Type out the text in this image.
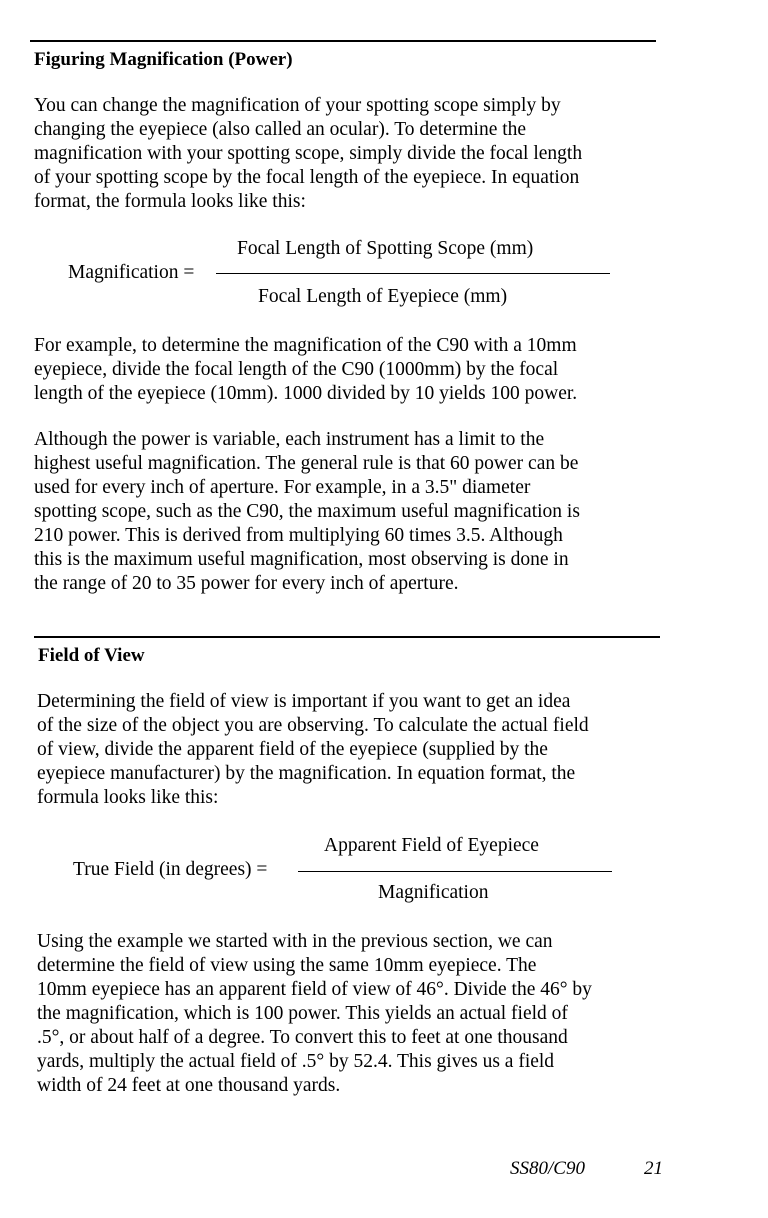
Figuring Magnification (Power)
You can change the magnification of your spotting scope simply by
changing the eyepiece (also called an ocular). To determine the
magnification with your spotting scope, simply divide the focal length
of your spotting scope by the focal length of the eyepiece. In equation
format, the formula looks like this:
Focal Length of Spotting Scope (mm)
Magnification =
Focal Length of Eyepiece (mm)
For example, to determine the magnification of the C90 with a 10mm
eyepiece, divide the focal length of the C90 (1000mm) by the focal
length of the eyepiece (10mm). 1000 divided by 10 yields 100 power.
Although the power is variable, each instrument has a limit to the
highest useful magnification. The general rule is that 60 power can be
used for every inch of aperture. For example, in a 3.5" diameter
spotting scope, such as the C90, the maximum useful magnification is
210 power. This is derived from multiplying 60 times 3.5. Although
this is the maximum useful magnification, most observing is done in
the range of 20 to 35 power for every inch of aperture.
Field of View
Determining the field of view is important if you want to get an idea
of the size of the object you are observing. To calculate the actual field
of view, divide the apparent field of the eyepiece (supplied by the
eyepiece manufacturer) by the magnification. In equation format, the
formula looks like this:
Apparent Field of Eyepiece
True Field (in degrees) =
Magnification
Using the example we started with in the previous section, we can
determine the field of view using the same 10mm eyepiece. The
10mm eyepiece has an apparent field of view of 46°. Divide the 46° by
the magnification, which is 100 power. This yields an actual field of
.5°, or about half of a degree. To convert this to feet at one thousand
yards, multiply the actual field of .5° by 52.4. This gives us a field
width of 24 feet at one thousand yards.
SS80/C90	21
